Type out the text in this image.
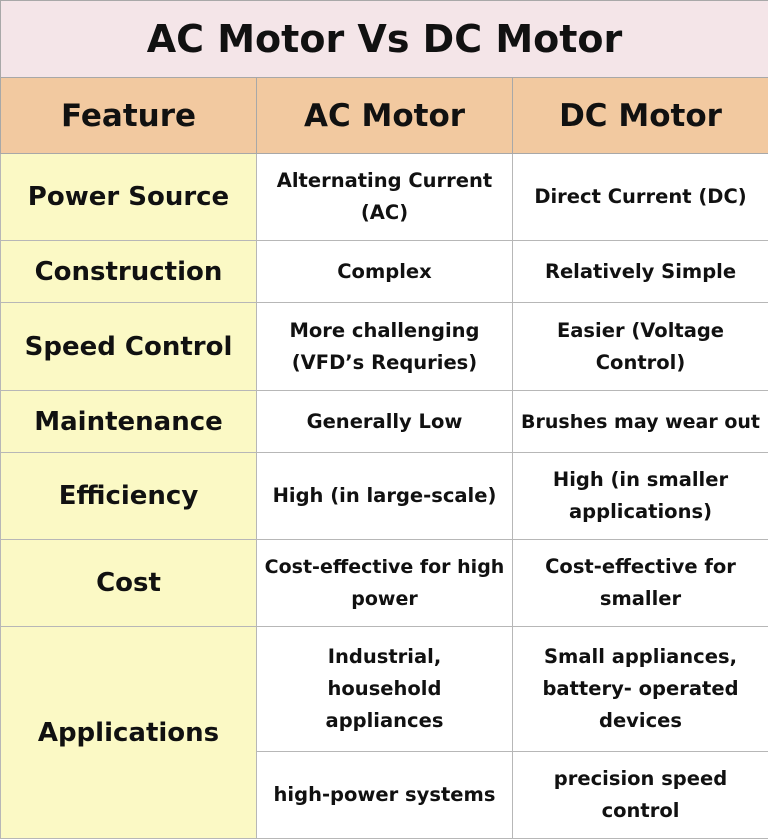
AC Motor Vs DC Motor		
Feature	AC Motor	DC Motor
Power Source	Alternating Current (AC)	Direct Current (DC)
Construction	Complex	Relatively Simple
Speed Control	More challenging (VFD’s Requries)	Easier (Voltage Control)
Maintenance	Generally Low	Brushes may wear out
Efficiency	High (in large-scale)	High (in smaller applications)
Cost	Cost-effective for high power	Cost-effective for smaller
Applications	Industrial, household appliances	Small appliances, battery- operated devices
	high-power systems	precision speed control
